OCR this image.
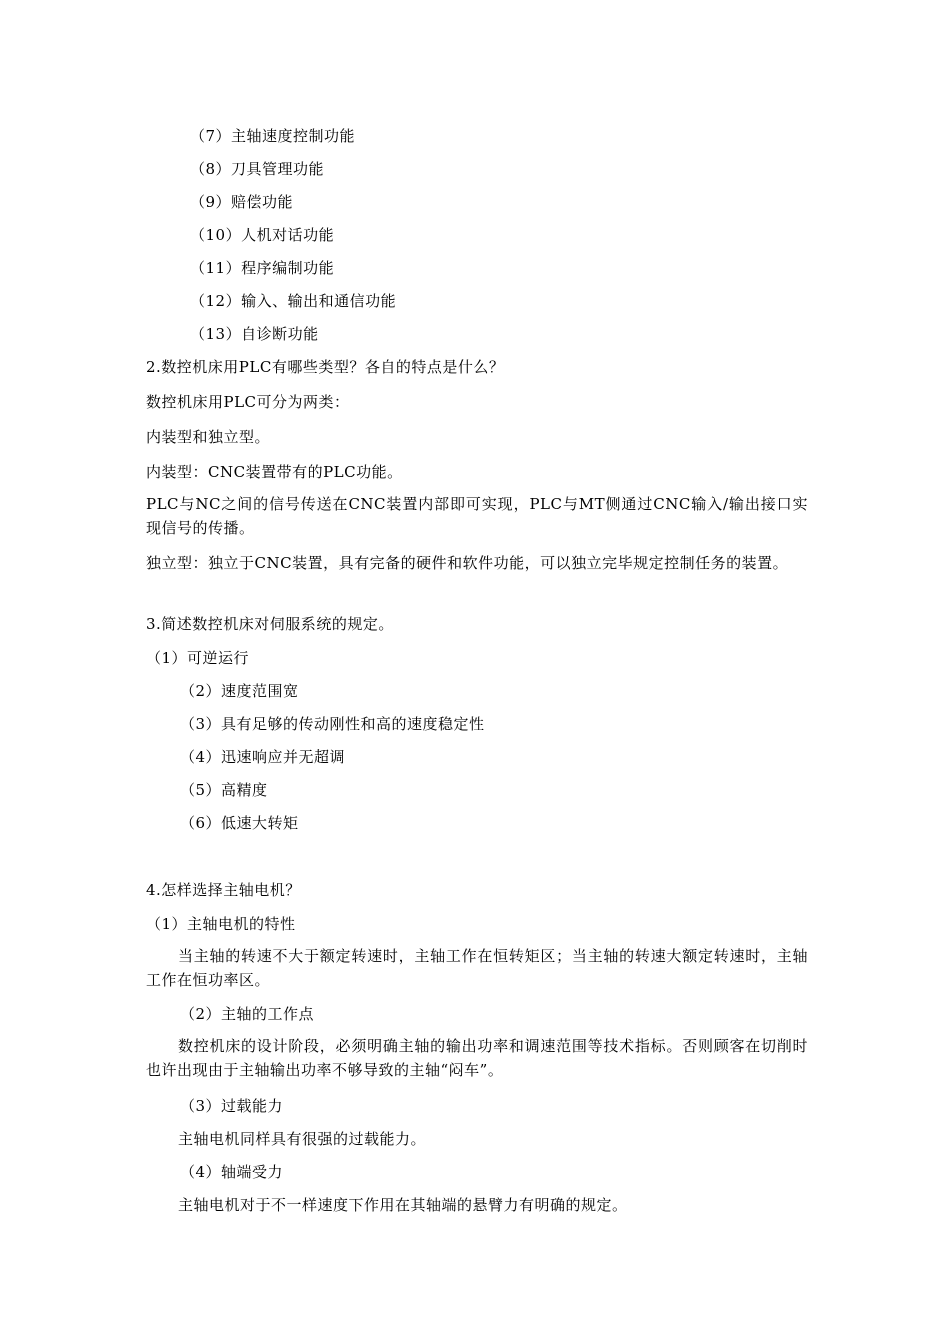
（7）主轴速度控制功能
（8）刀具管理功能
（9）赔偿功能
（10）人机对话功能
（11）程序编制功能
（12）输入、输出和通信功能
（13）自诊断功能
2.数控机床用PLC有哪些类型？各自的特点是什么？
数控机床用PLC可分为两类：
内装型和独立型。
内装型：CNC装置带有的PLC功能。
PLC与NC之间的信号传送在CNC装置内部即可实现，PLC与MT侧通过CNC输入/输出接口实现信号的传播。
独立型：独立于CNC装置，具有完备的硬件和软件功能，可以独立完毕规定控制任务的装置。
3.简述数控机床对伺服系统的规定。
（1）可逆运行
（2）速度范围宽
（3）具有足够的传动刚性和高的速度稳定性
（4）迅速响应并无超调
（5）高精度
（6）低速大转矩
4.怎样选择主轴电机？
（1）主轴电机的特性
当主轴的转速不大于额定转速时，主轴工作在恒转矩区；当主轴的转速大额定转速时，主轴工作在恒功率区。
（2）主轴的工作点
数控机床的设计阶段，必须明确主轴的输出功率和调速范围等技术指标。否则顾客在切削时也许出现由于主轴输出功率不够导致的主轴“闷车”。
（3）过载能力
主轴电机同样具有很强的过载能力。
（4）轴端受力
主轴电机对于不一样速度下作用在其轴端的悬臂力有明确的规定。
